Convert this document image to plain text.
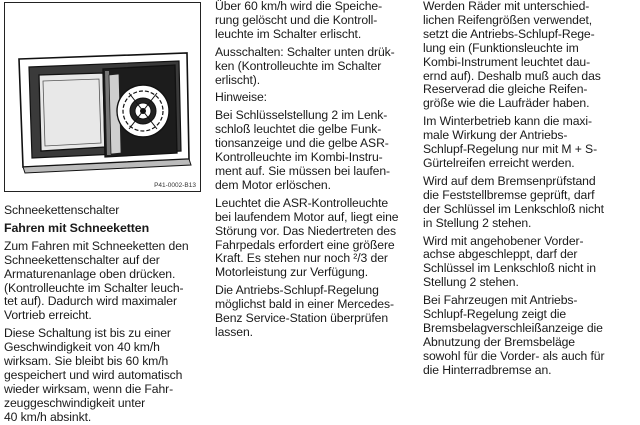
P41-0002-B13

Schneekettenschalter

Fahren mit Schneeketten

Zum Fahren mit Schneeketten den

Schneekettenschalter auf der

Armaturenanlage oben drücken.

(Kontrolleuchte im Schalter leuch-

tet auf). Dadurch wird maximaler

Vortrieb erreicht.

Diese Schaltung ist bis zu einer

Geschwindigkeit von 40 km/h

wirksam. Sie bleibt bis 60 km/h

gespeichert und wird automatisch

wieder wirksam, wenn die Fahr-

zeuggeschwindigkeit unter

40 km/h absinkt.

Über 60 km/h wird die Speiche-

rung gelöscht und die Kontroll-

leuchte im Schalter erlischt.

Ausschalten: Schalter unten drük-

ken (Kontrolleuchte im Schalter

erlischt).

Hinweise:

Bei Schlüsselstellung 2 im Lenk-

schloß leuchtet die gelbe Funk-

tionsanzeige und die gelbe ASR-

Kontrolleuchte im Kombi-Instru-

ment auf. Sie müssen bei laufen-

dem Motor erlöschen.

Leuchtet die ASR-Kontrolleuchte

bei laufendem Motor auf, liegt eine

Störung vor. Das Niedertreten des

Fahrpedals erfordert eine größere

Kraft. Es stehen nur noch ²/3 der

Motorleistung zur Verfügung.

Die Antriebs-Schlupf-Regelung

möglichst bald in einer Mercedes-

Benz Service-Station überprüfen

lassen.

Werden Räder mit unterschied-

lichen Reifengrößen verwendet,

setzt die Antriebs-Schlupf-Rege-

lung ein (Funktionsleuchte im

Kombi-Instrument leuchtet dau-

ernd auf). Deshalb muß auch das

Reserverad die gleiche Reifen-

größe wie die Laufräder haben.

Im Winterbetrieb kann die maxi-

male Wirkung der Antriebs-

Schlupf-Regelung nur mit M + S-

Gürtelreifen erreicht werden.

Wird auf dem Bremsenprüfstand

die Feststellbremse geprüft, darf

der Schlüssel im Lenkschloß nicht

in Stellung 2 stehen.

Wird mit angehobener Vorder-

achse abgeschleppt, darf der

Schlüssel im Lenkschloß nicht in

Stellung 2 stehen.

Bei Fahrzeugen mit Antriebs-

Schlupf-Regelung zeigt die

Bremsbelagverschleißanzeige die

Abnutzung der Bremsbeläge

sowohl für die Vorder- als auch für

die Hinterradbremse an.
